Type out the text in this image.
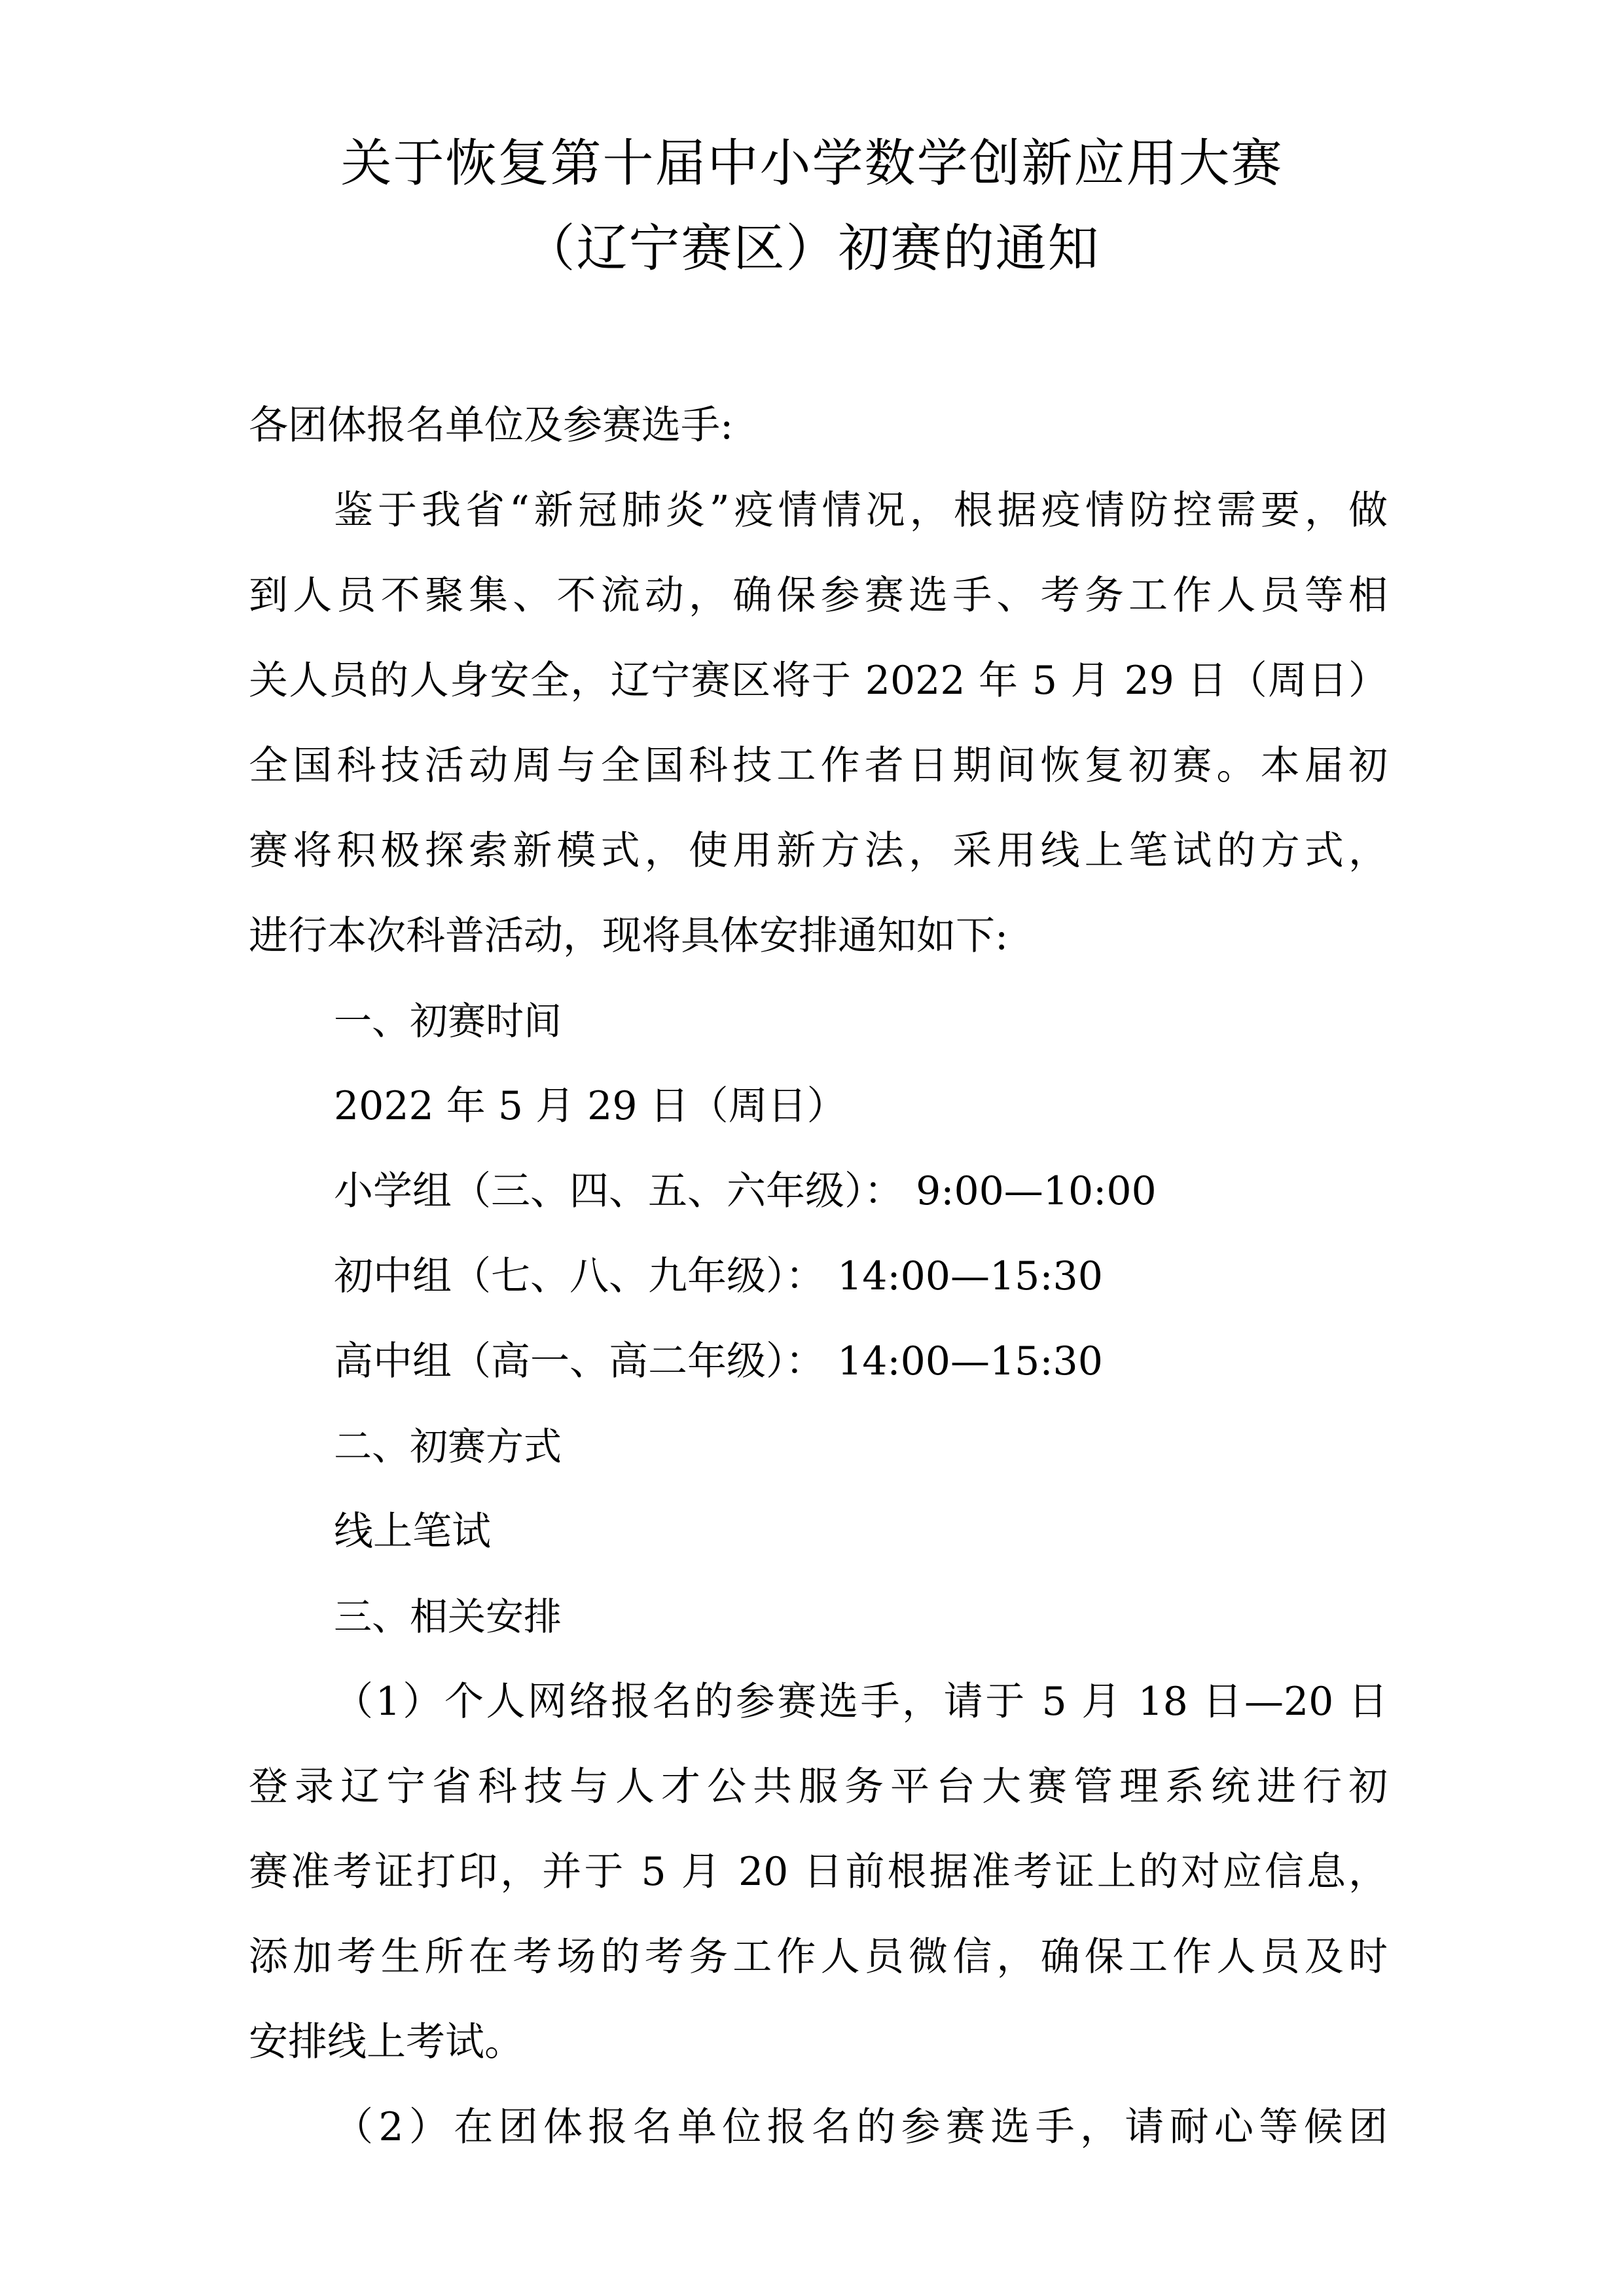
关于恢复第十届中小学数学创新应用大赛
（辽宁赛区）初赛的通知
各团体报名单位及参赛选手:
鉴于我省“新冠肺炎”疫情情况，根据疫情防控需要，做
到人员不聚集、不流动，确保参赛选手、考务工作人员等相
关人员的人身安全，辽宁赛区将于 2022 年 5 月 29 日（周日）
全国科技活动周与全国科技工作者日期间恢复初赛。本届初
赛将积极探索新模式，使用新方法，采用线上笔试的方式，
进行本次科普活动，现将具体安排通知如下:
一、初赛时间
2022 年 5 月 29 日（周日）
小学组（三、四、五、六年级）： 9:00—10:00
初中组（七、八、九年级）： 14:00—15:30
高中组（高一、高二年级）： 14:00—15:30
二、初赛方式
线上笔试
三、相关安排
（1）个人网络报名的参赛选手，请于 5 月 18 日—20 日
登录辽宁省科技与人才公共服务平台大赛管理系统进行初
赛准考证打印，并于 5 月 20 日前根据准考证上的对应信息，
添加考生所在考场的考务工作人员微信，确保工作人员及时
安排线上考试。
（2）在团体报名单位报名的参赛选手，请耐心等候团
